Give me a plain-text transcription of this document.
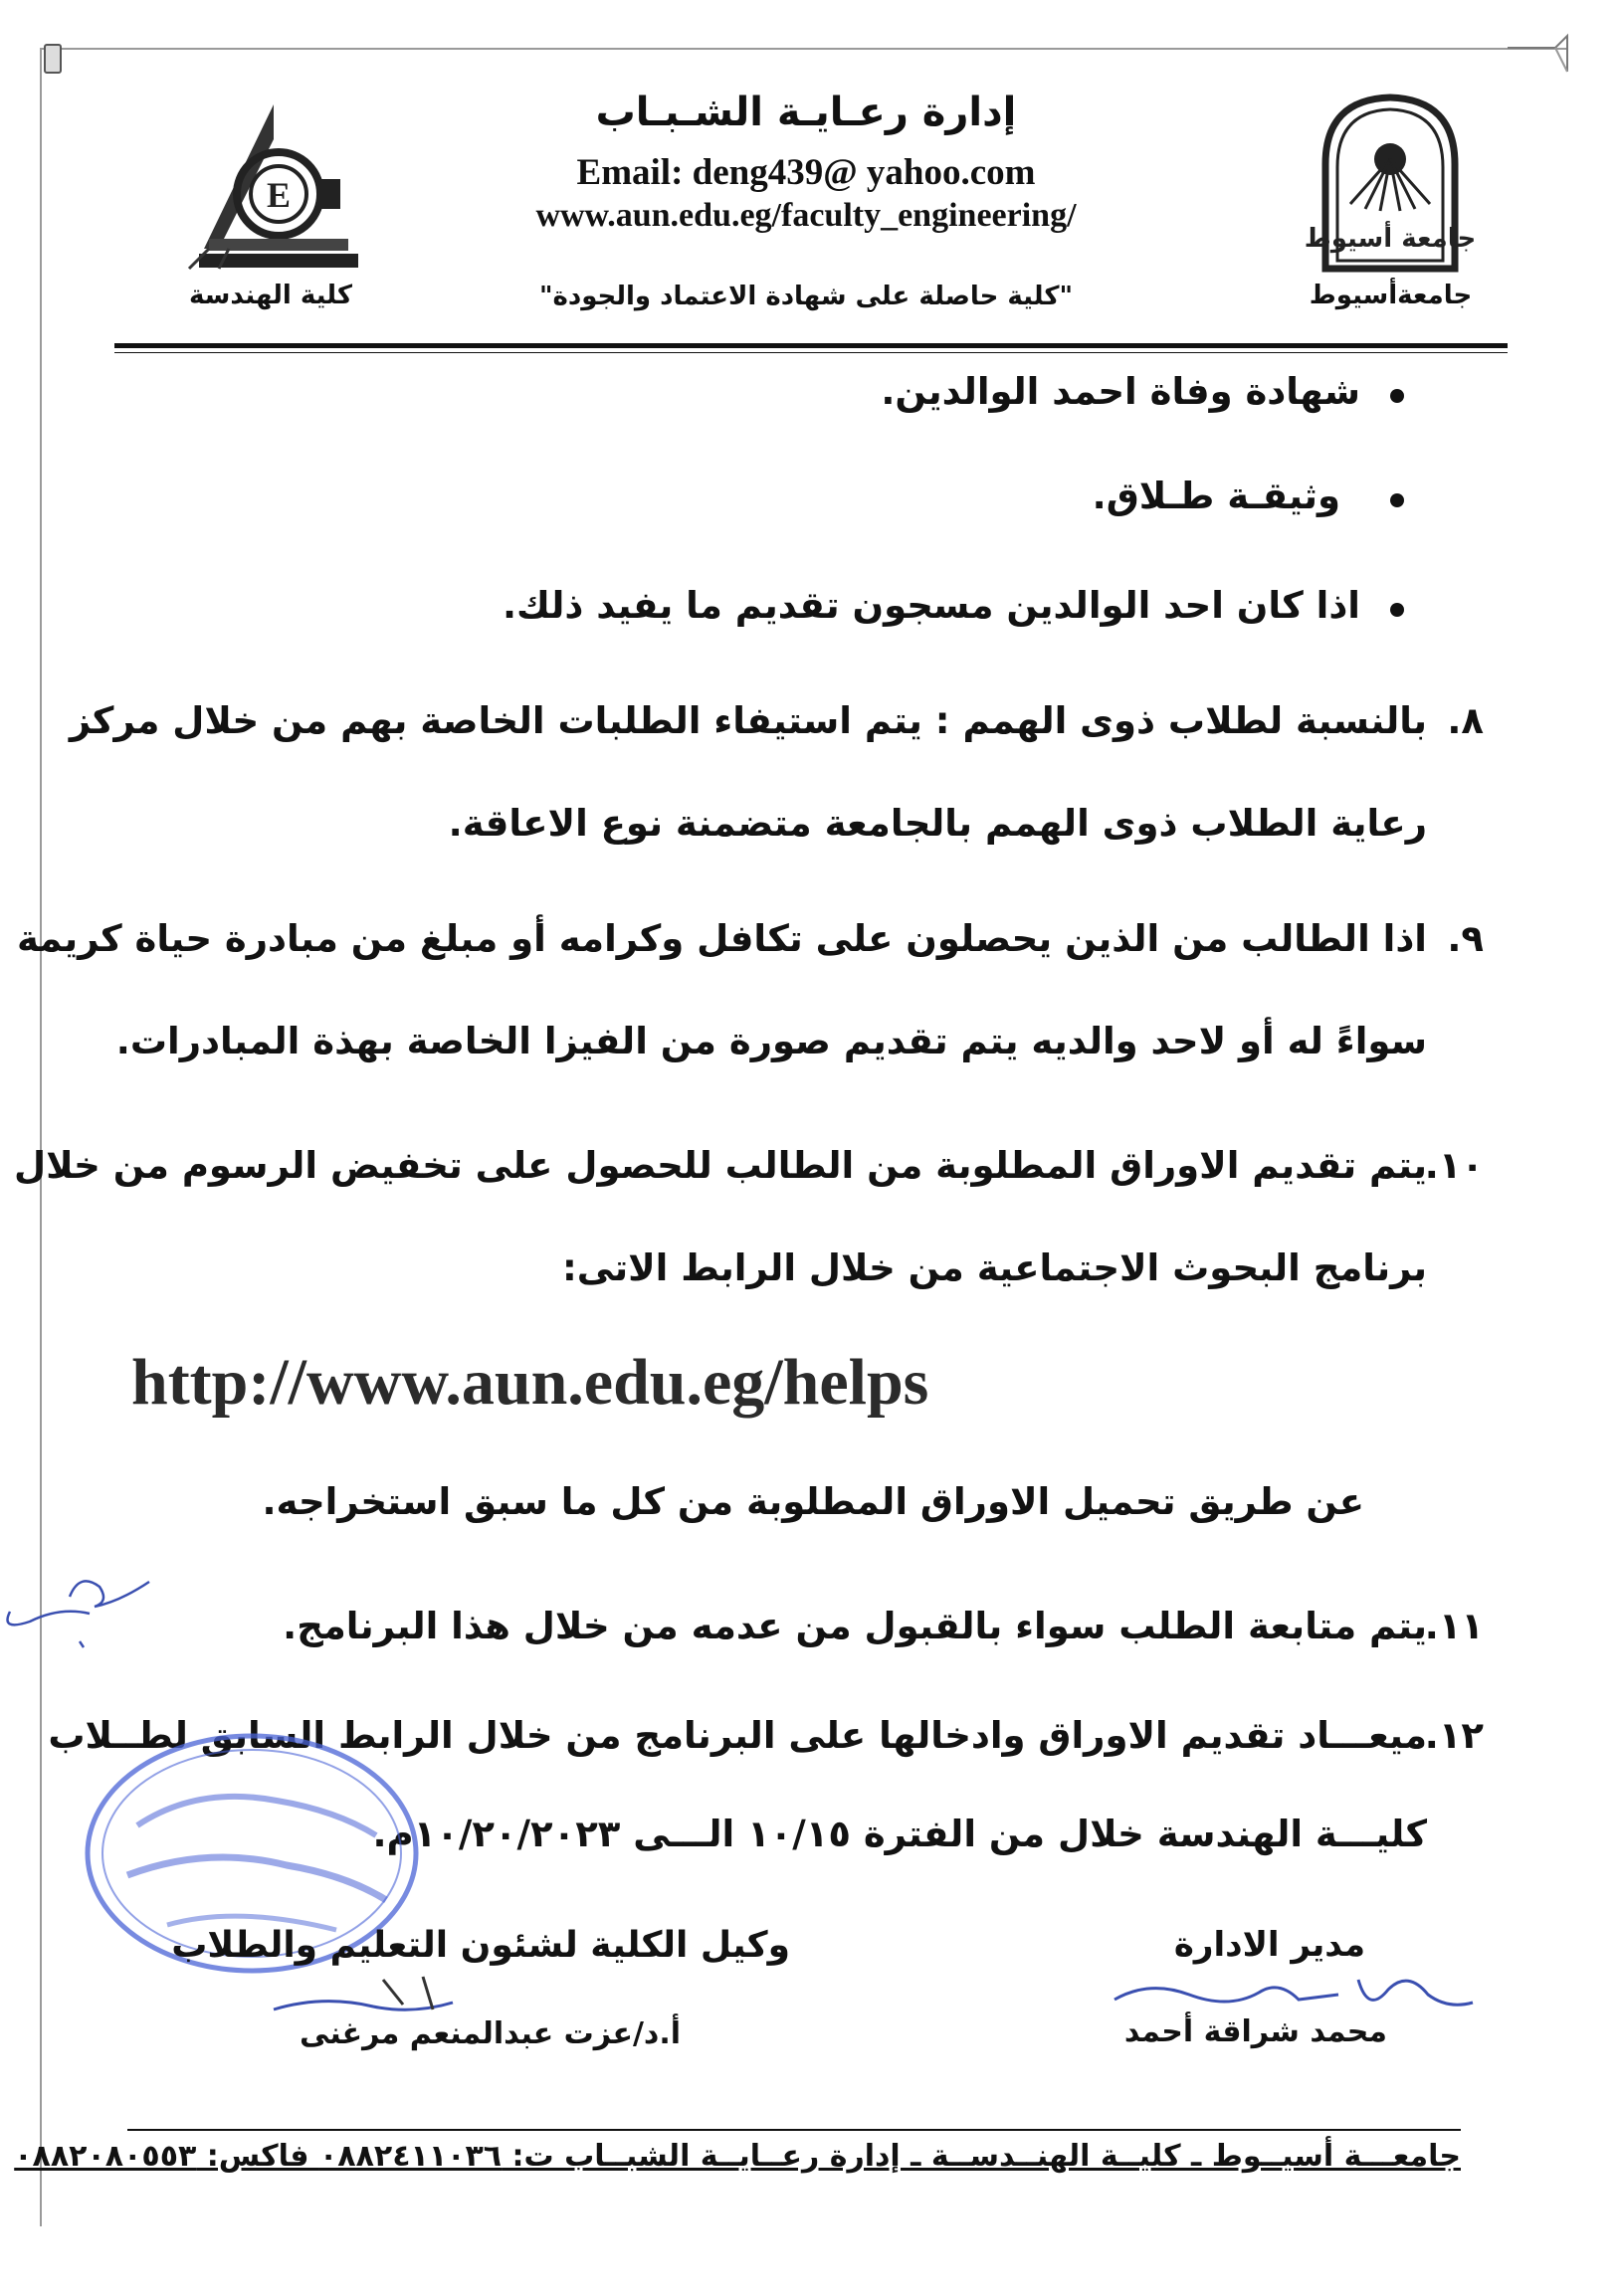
إدارة رعـايـة الشـبـاب
Email: deng439@ yahoo.com
www.aun.edu.eg/faculty_engineering/
"كلية حاصلة على شهادة الاعتماد والجودة"
E
كلية الهندسة
جامعة أسيوط
جامعةأسيوط
شهادة وفاة احمد الوالدين.
وثيقـة طـلاق.
اذا كان احد الوالدين مسجون تقديم ما يفيد ذلك.
٨.
بالنسبة لطلاب ذوى الهمم : يتم استيفاء الطلبات الخاصة بهم من خلال مركز
رعاية الطلاب ذوى الهمم بالجامعة متضمنة نوع الاعاقة.
٩.
اذا الطالب من الذين يحصلون على تكافل وكرامه أو مبلغ من مبادرة حياة كريمة
سواءً له أو لاحد والديه يتم تقديم صورة من الفيزا الخاصة بهذة المبادرات.
١٠.
يتم تقديم الاوراق المطلوبة من الطالب للحصول على تخفيض الرسوم من خلال
برنامج البحوث الاجتماعية من خلال الرابط الاتى:
http://www.aun.edu.eg/helps
عن طريق تحميل الاوراق المطلوبة من كل ما سبق استخراجه.
١١.
يتم متابعة الطلب سواء بالقبول من عدمه من خلال هذا البرنامج.
١٢.
ميعـــاد تقديم الاوراق وادخالها على البرنامج من خلال الرابط السابق لطــلاب
كليـــة الهندسة خلال من الفترة ١٠/١٥ الـــى ١٠/٢٠/٢٠٢٣م.
مدير الادارة
محمد شراقة أحمد
وكيل الكلية لشئون التعليم والطلاب
أ.د/عزت عبدالمنعم مرغنى
جامعـــة أسيــوط ـ كليــة الهنــدســة ـ إدارة رعــايــة الشبــاب ت: ٠٨٨٢٤١١٠٣٦ فاكس: ٠٨٨٢٠٨٠٥٥٣
